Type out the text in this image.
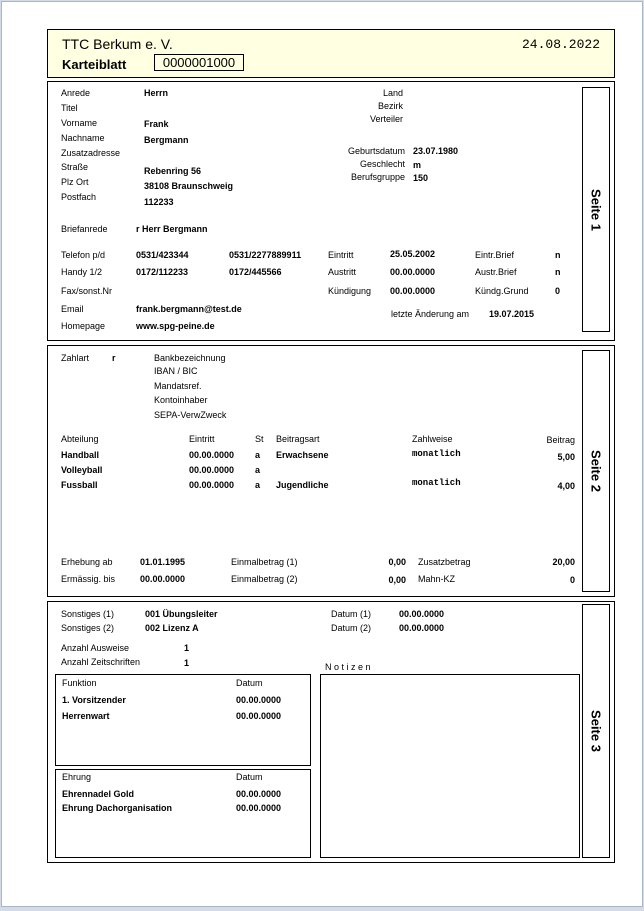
TTC Berkum e. V.	24.08.2022
Karteiblatt	0000001000
Seite 1
Anrede	Herrn
Titel
Vorname	Frank
Nachname	Bergmann
Zusatzadresse
Straße	Rebenring 56
Plz Ort	38108 Braunschweig
Postfach	112233
Land
Bezirk
Verteiler
Geburtsdatum 23.07.1980
Geschlecht m
Berufsgruppe 150
Briefanrede	r Herr Bergmann
Telefon p/d	0531/423344	0531/2277889911
Handy 1/2	0172/112233	0172/445566
Fax/sonst.Nr
Email	frank.bergmann@test.de
Homepage	www.spg-peine.de
Eintritt	25.05.2002
Austritt	00.00.0000
Kündigung 00.00.0000
letzte Änderung am 19.07.2015
Eintr.Brief	n
Austr.Brief	n
Kündg.Grund	0
Seite 2
Zahlart	r	Bankbezeichnung
IBAN / BIC
Mandatsref.
Kontoinhaber
SEPA-VerwZweck
Abteilung	Eintritt	St Beitragsart	Zahlweise	Beitrag
Handball	00.00.0000 a Erwachsene	monatlich	5,00
Volleyball	00.00.0000 a
Fussball	00.00.0000 a Jugendliche	monatlich	4,00
Erhebung ab	01.01.1995
Ermässig. bis	00.00.0000
Einmalbetrag (1)	0,00
Einmalbetrag (2)	0,00
Zusatzbetrag	20,00
Mahn-KZ	0
Seite 3
Sonstiges (1)	001 Übungsleiter
Sonstiges (2)	002 Lizenz A
Datum (1)	00.00.0000
Datum (2)	00.00.0000
Anzahl Ausweise	1
Anzahl Zeitschriften	1	N o t i z e n
Funktion	Datum
1. Vorsitzender	00.00.0000
Herrenwart	00.00.0000
Ehrung	Datum
Ehrennadel Gold	00.00.0000
Ehrung Dachorganisation	00.00.0000
